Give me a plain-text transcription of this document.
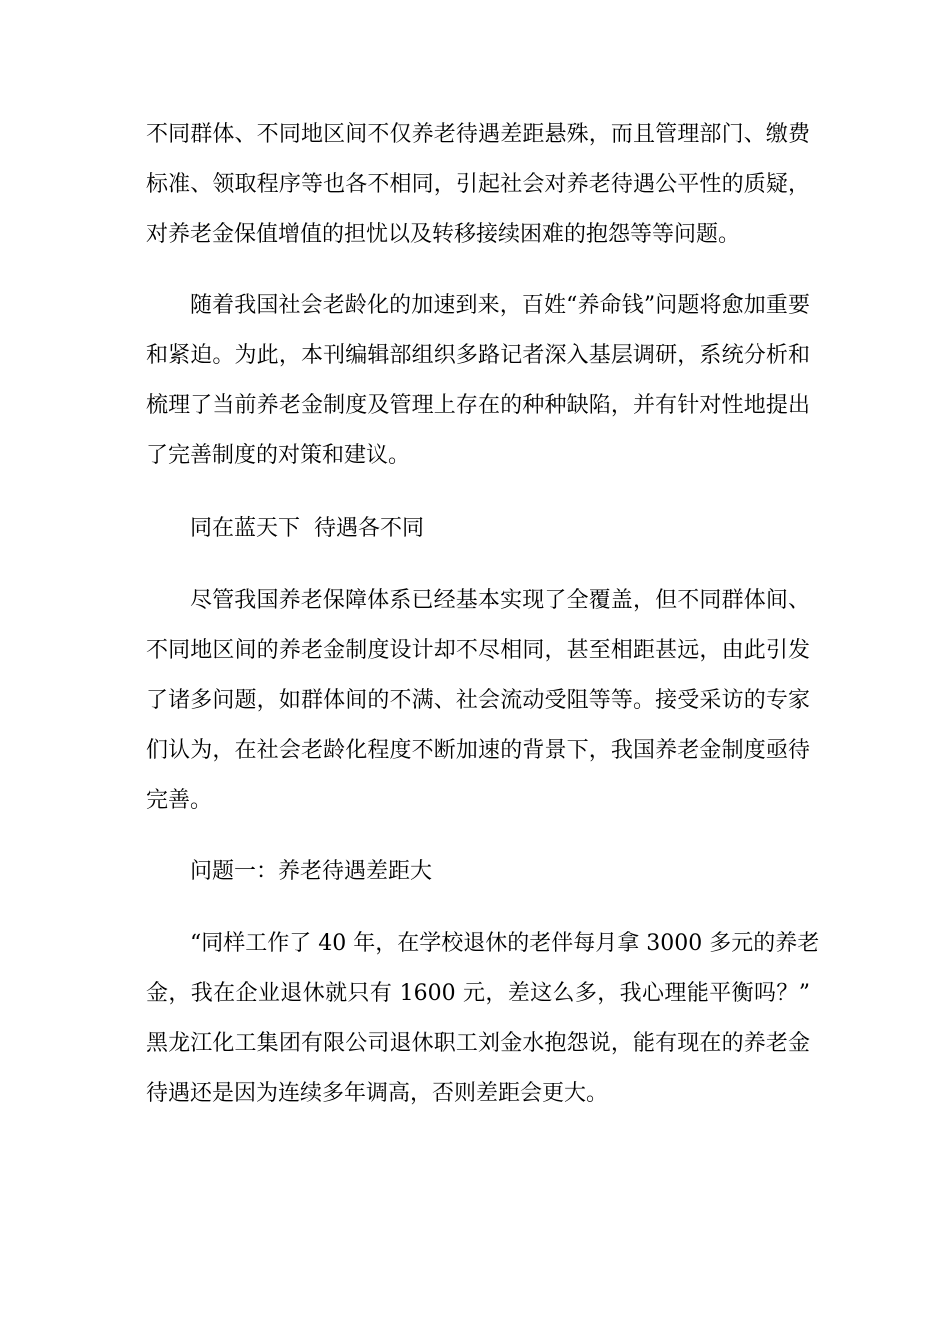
不同群体、不同地区间不仅养老待遇差距悬殊，而且管理部门、缴费
标准、领取程序等也各不相同，引起社会对养老待遇公平性的质疑，
对养老金保值增值的担忧以及转移接续困难的抱怨等等问题。
随着我国社会老龄化的加速到来，百姓“养命钱”问题将愈加重要
和紧迫。为此，本刊编辑部组织多路记者深入基层调研，系统分析和
梳理了当前养老金制度及管理上存在的种种缺陷，并有针对性地提出
了完善制度的对策和建议。
同在蓝天下  待遇各不同
尽管我国养老保障体系已经基本实现了全覆盖，但不同群体间、
不同地区间的养老金制度设计却不尽相同，甚至相距甚远，由此引发
了诸多问题，如群体间的不满、社会流动受阻等等。接受采访的专家
们认为，在社会老龄化程度不断加速的背景下，我国养老金制度亟待
完善。
问题一：养老待遇差距大
“同样工作了 40 年，在学校退休的老伴每月拿 3000 多元的养老
金，我在企业退休就只有 1600 元，差这么多，我心理能平衡吗？”
黑龙江化工集团有限公司退休职工刘金水抱怨说，能有现在的养老金
待遇还是因为连续多年调高，否则差距会更大。
